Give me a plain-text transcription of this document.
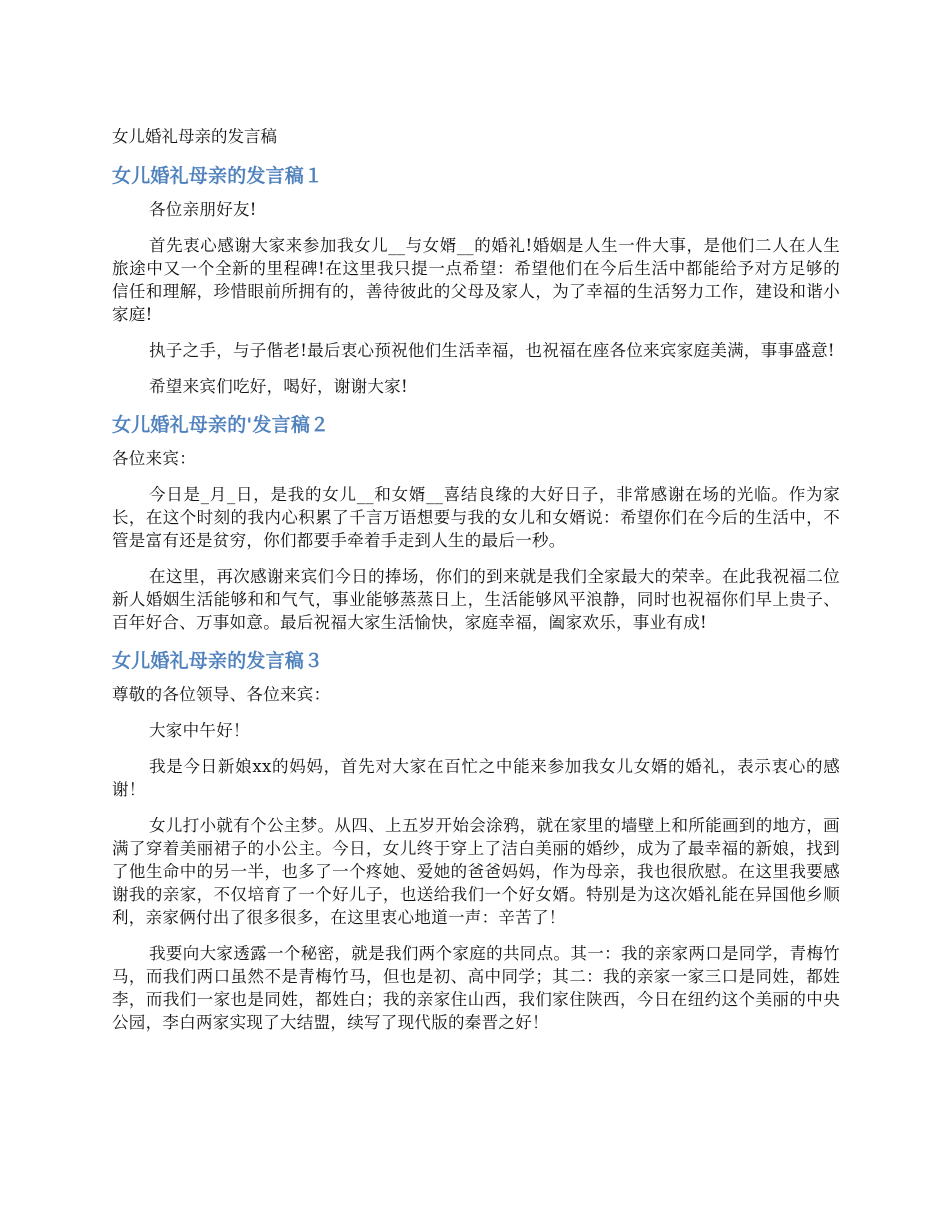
女儿婚礼母亲的发言稿
女儿婚礼母亲的发言稿１

各位亲朋好友!

首先衷心感谢大家来参加我女儿__与女婿__的婚礼!婚姻是人生一件大事，是他们二人在人生旅途中又一个全新的里程碑!在这里我只提一点希望：希望他们在今后生活中都能给予对方足够的信任和理解，珍惜眼前所拥有的，善待彼此的父母及家人，为了幸福的生活努力工作，建设和谐小家庭!

执子之手，与子偕老!最后衷心预祝他们生活幸福，也祝福在座各位来宾家庭美满，事事盛意!

希望来宾们吃好，喝好，谢谢大家!

女儿婚礼母亲的'发言稿２

各位来宾：

今日是_月_日，是我的女儿__和女婿__喜结良缘的大好日子，非常感谢在场的光临。作为家长，在这个时刻的我内心积累了千言万语想要与我的女儿和女婿说：希望你们在今后的生活中，不管是富有还是贫穷，你们都要手牵着手走到人生的最后一秒。

在这里，再次感谢来宾们今日的捧场，你们的到来就是我们全家最大的荣幸。在此我祝福二位新人婚姻生活能够和和气气，事业能够蒸蒸日上，生活能够风平浪静，同时也祝福你们早上贵子、百年好合、万事如意。最后祝福大家生活愉快，家庭幸福，阖家欢乐，事业有成!

女儿婚礼母亲的发言稿３

尊敬的各位领导、各位来宾：

大家中午好！

我是今日新娘xx的妈妈，首先对大家在百忙之中能来参加我女儿女婿的婚礼，表示衷心的感谢！

女儿打小就有个公主梦。从四、上五岁开始会涂鸦，就在家里的墙壁上和所能画到的地方，画满了穿着美丽裙子的小公主。今日，女儿终于穿上了洁白美丽的婚纱，成为了最幸福的新娘，找到了他生命中的另一半，也多了一个疼她、爱她的爸爸妈妈，作为母亲，我也很欣慰。在这里我要感谢我的亲家，不仅培育了一个好儿子，也送给我们一个好女婿。特别是为这次婚礼能在异国他乡顺利，亲家俩付出了很多很多，在这里衷心地道一声：辛苦了！

我要向大家透露一个秘密，就是我们两个家庭的共同点。其一：我的亲家两口是同学，青梅竹马，而我们两口虽然不是青梅竹马，但也是初、高中同学；其二：我的亲家一家三口是同姓，都姓李，而我们一家也是同姓，都姓白；我的亲家住山西，我们家住陕西，今日在纽约这个美丽的中央公园，李白两家实现了大结盟，续写了现代版的秦晋之好！
